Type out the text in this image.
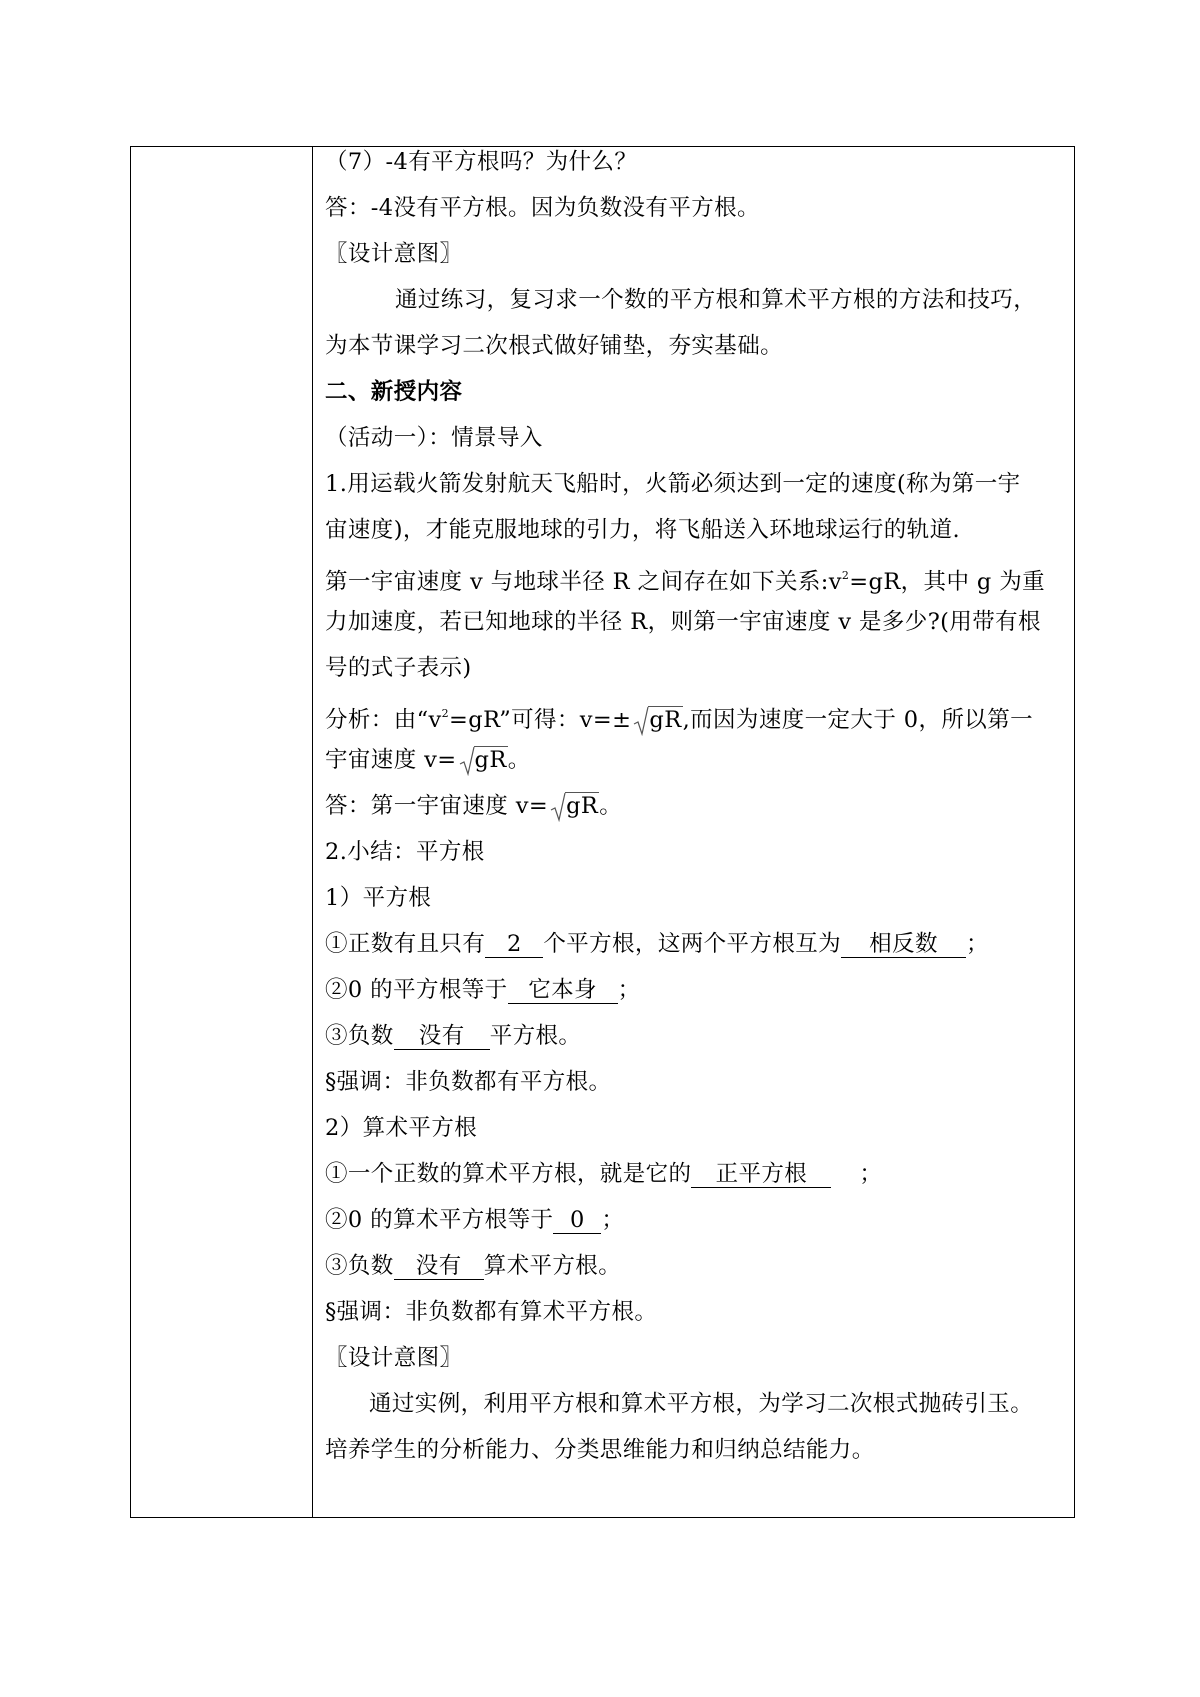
（7）-4有平方根吗？为什么？
答：-4没有平方根。因为负数没有平方根。
〖设计意图〗
通过练习，复习求一个数的平方根和算术平方根的方法和技巧，
为本节课学习二次根式做好铺垫，夯实基础。
二、新授内容
（活动一）：情景导入
1.用运载火箭发射航天飞船时，火箭必须达到一定的速度(称为第一宇
宙速度)，才能克服地球的引力，将飞船送入环地球运行的轨道.
第一宇宙速度 v 与地球半径 R 之间存在如下关系$:v^2=gR$，其中 g 为重
力加速度，若已知地球的半径 R，则第一宇宙速度 v 是多少?(用带有根
号的式子表示)
分析：由“$v^2=gR$”可得：v=± gR,而因为速度一定大于 0，所以第一
宇宙速度 v= gR。
答：第一宇宙速度 v= gR。
2.小结：平方根
1）平方根
①正数有且只有 2 个平方根，这两个平方根互为 相反数 ；
②0 的平方根等于 它本身 ；
③负数 没有 平方根。
§强调：非负数都有平方根。
2）算术平方根
①一个正数的算术平方根，就是它的 正平方根 ；
②0 的算术平方根等于 0 ；
③负数 没有 算术平方根。
§强调：非负数都有算术平方根。
〖设计意图〗
通过实例，利用平方根和算术平方根，为学习二次根式抛砖引玉。
培养学生的分析能力、分类思维能力和归纳总结能力。
